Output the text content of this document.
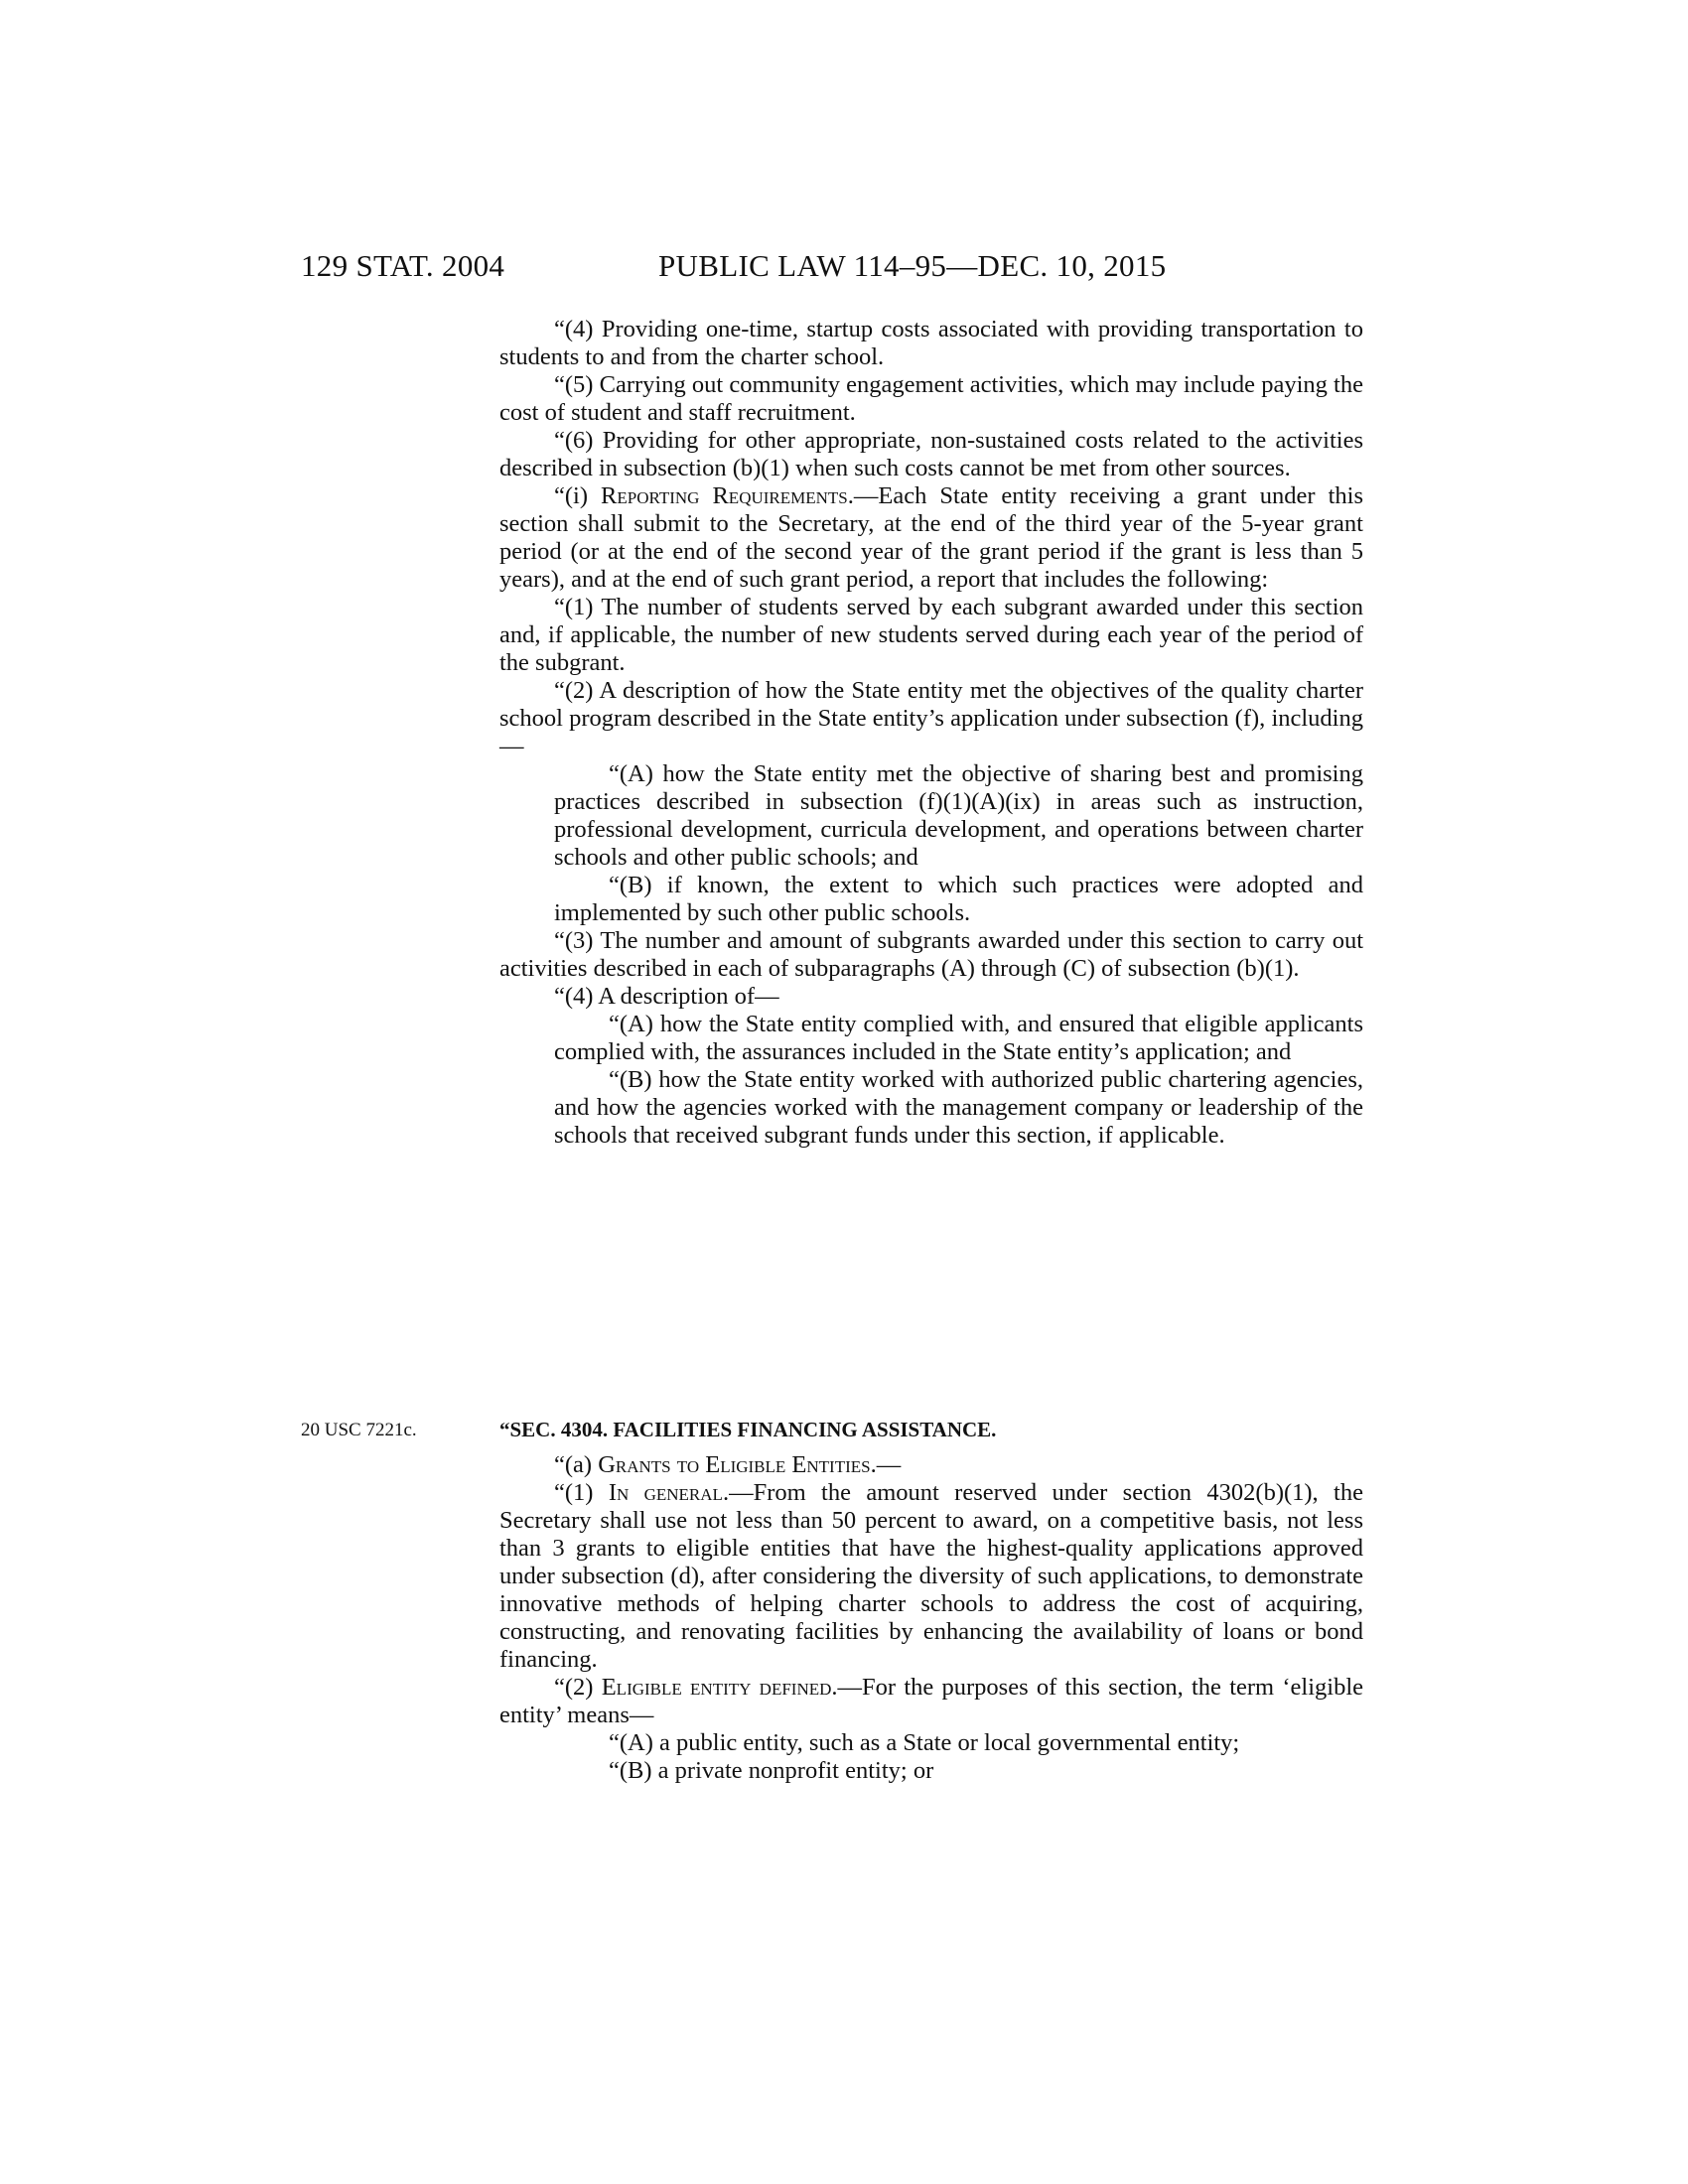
129 STAT. 2004	PUBLIC LAW 114–95—DEC. 10, 2015

“(4) Providing one-time, startup costs associated with providing transportation to students to and from the charter school.

“(5) Carrying out community engagement activities, which may include paying the cost of student and staff recruitment.

“(6) Providing for other appropriate, non-sustained costs related to the activities described in subsection (b)(1) when such costs cannot be met from other sources.

“(i) Reporting Requirements.—Each State entity receiving a grant under this section shall submit to the Secretary, at the end of the third year of the 5-year grant period (or at the end of the second year of the grant period if the grant is less than 5 years), and at the end of such grant period, a report that includes the following:

“(1) The number of students served by each subgrant awarded under this section and, if applicable, the number of new students served during each year of the period of the subgrant.

“(2) A description of how the State entity met the objectives of the quality charter school program described in the State entity’s application under subsection (f), including—

“(A) how the State entity met the objective of sharing best and promising practices described in subsection (f)(1)(A)(ix) in areas such as instruction, professional development, curricula development, and operations between charter schools and other public schools; and

“(B) if known, the extent to which such practices were adopted and implemented by such other public schools.

“(3) The number and amount of subgrants awarded under this section to carry out activities described in each of subparagraphs (A) through (C) of subsection (b)(1).

“(4) A description of—

“(A) how the State entity complied with, and ensured that eligible applicants complied with, the assurances included in the State entity’s application; and

“(B) how the State entity worked with authorized public chartering agencies, and how the agencies worked with the management company or leadership of the schools that received subgrant funds under this section, if applicable.

20 USC 7221c.	“SEC. 4304. FACILITIES FINANCING ASSISTANCE.

“(a) Grants to Eligible Entities.—

“(1) In general.—From the amount reserved under section 4302(b)(1), the Secretary shall use not less than 50 percent to award, on a competitive basis, not less than 3 grants to eligible entities that have the highest-quality applications approved under subsection (d), after considering the diversity of such applications, to demonstrate innovative methods of helping charter schools to address the cost of acquiring, constructing, and renovating facilities by enhancing the availability of loans or bond financing.

“(2) Eligible entity defined.—For the purposes of this section, the term ‘eligible entity’ means—

“(A) a public entity, such as a State or local governmental entity;

“(B) a private nonprofit entity; or
